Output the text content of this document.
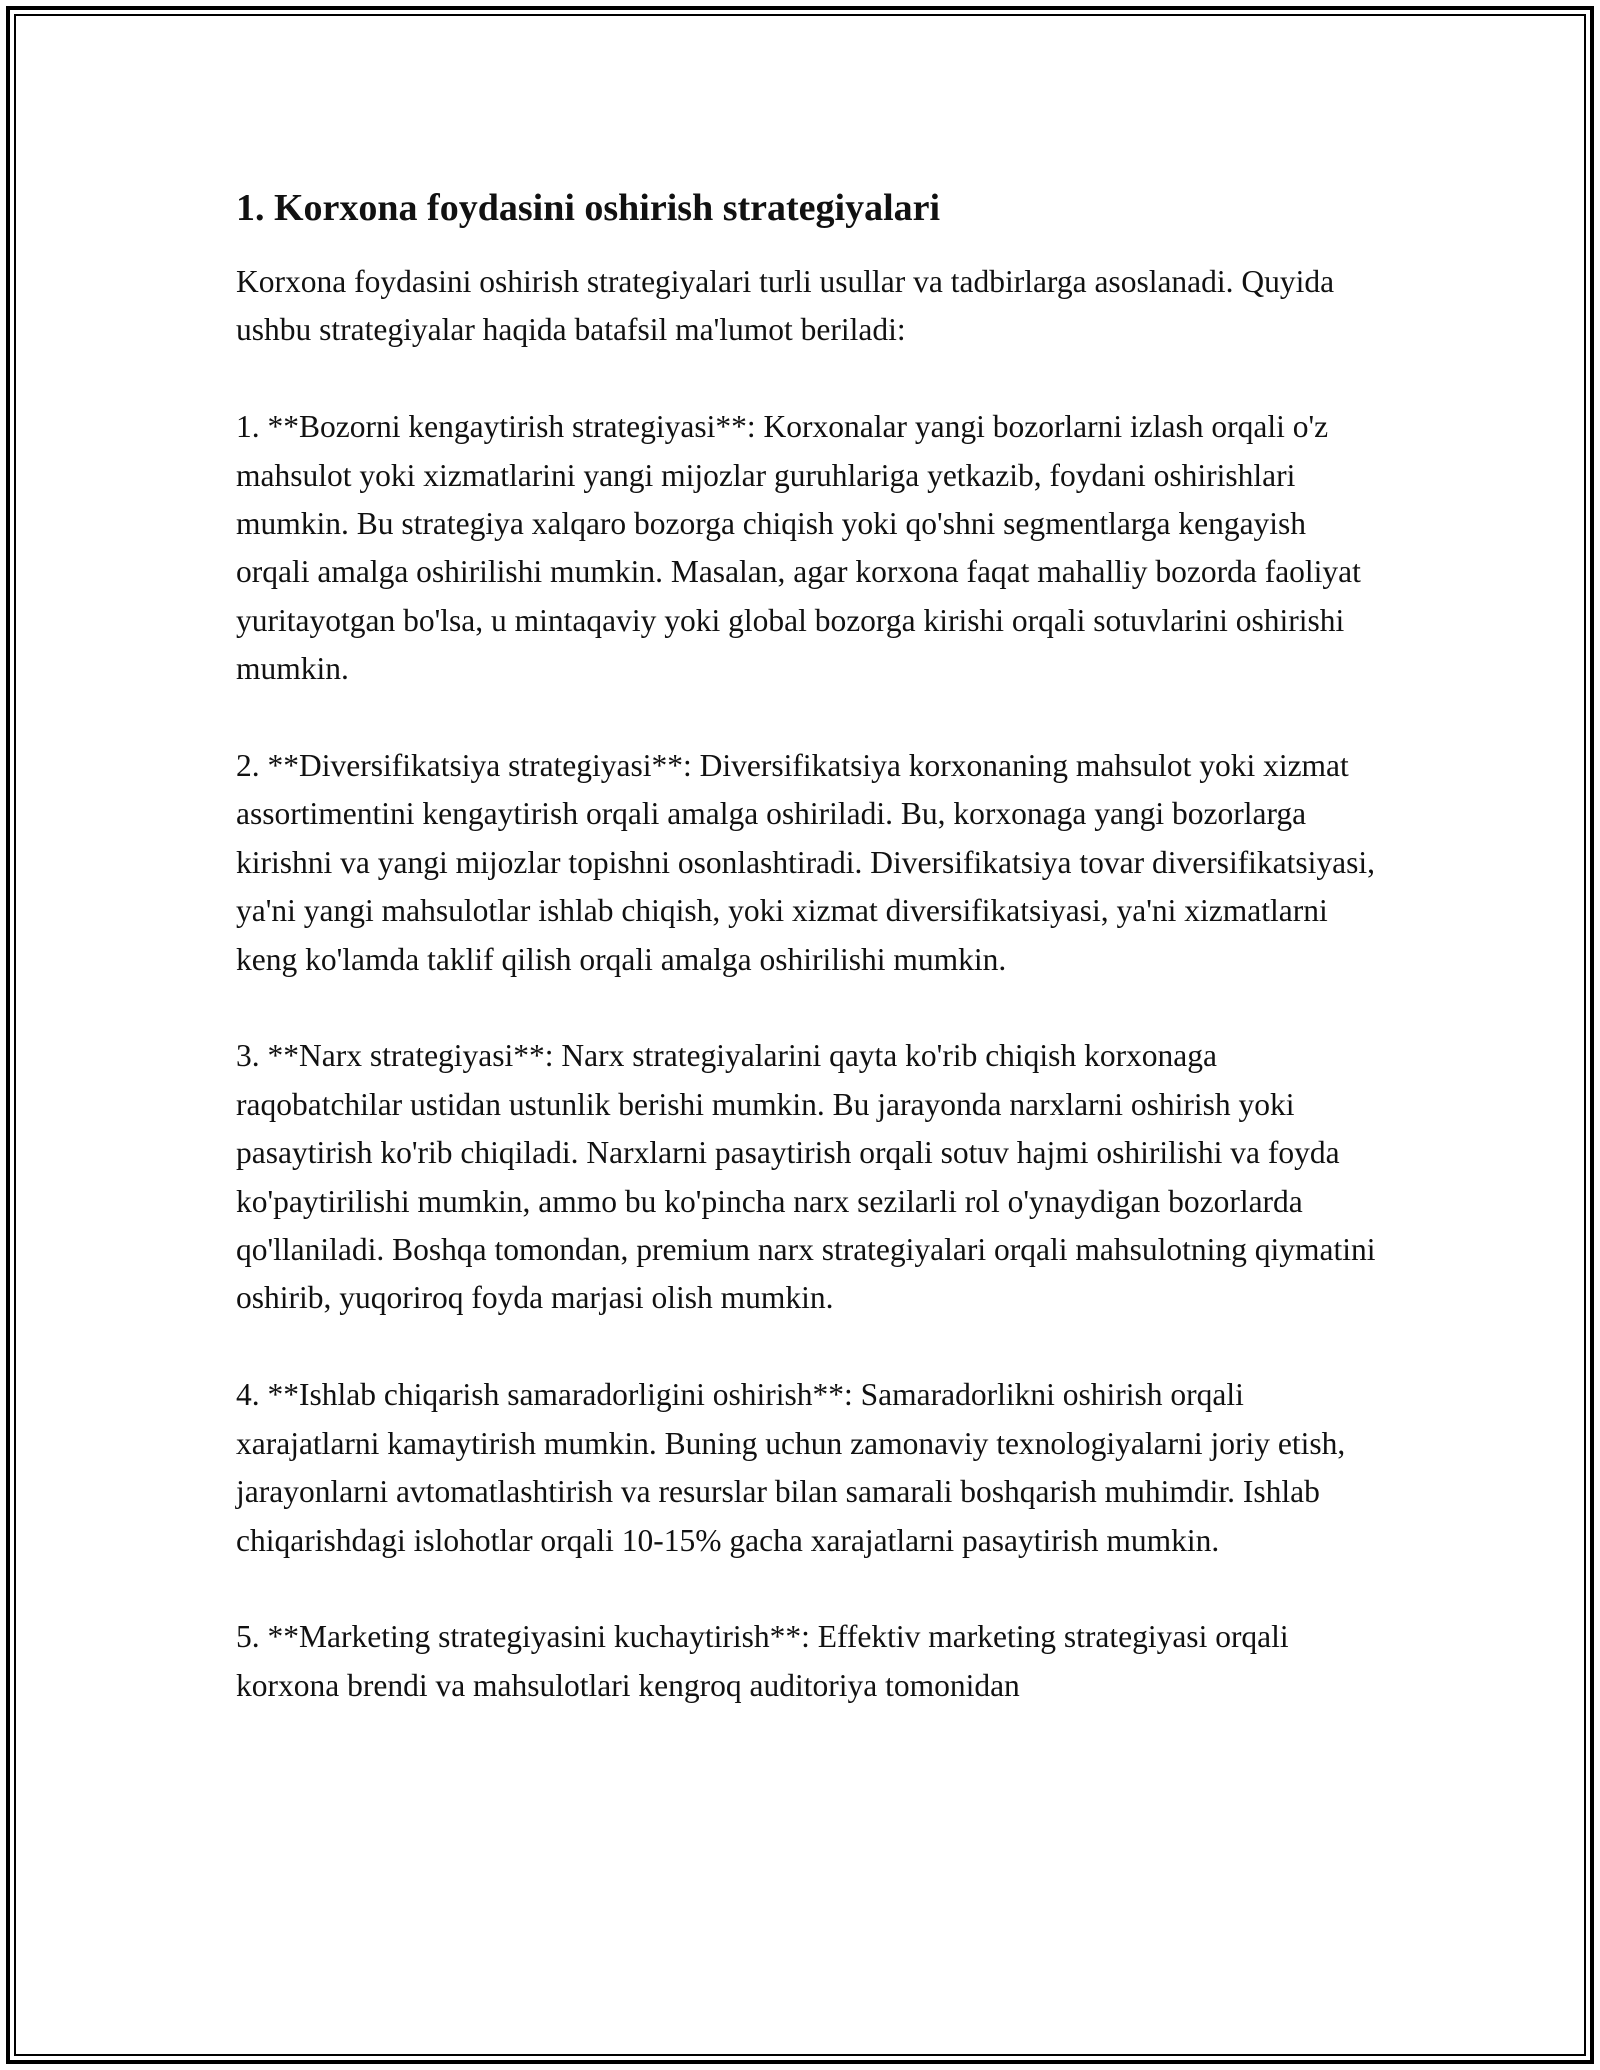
1. Korxona foydasini oshirish strategiyalari

Korxona foydasini oshirish strategiyalari turli usullar va tadbirlarga asoslanadi. Quyida ushbu strategiyalar haqida batafsil ma'lumot beriladi:

1. **Bozorni kengaytirish strategiyasi**: Korxonalar yangi bozorlarni izlash orqali o'z mahsulot yoki xizmatlarini yangi mijozlar guruhlariga yetkazib, foydani oshirishlari mumkin. Bu strategiya xalqaro bozorga chiqish yoki qo'shni segmentlarga kengayish orqali amalga oshirilishi mumkin. Masalan, agar korxona faqat mahalliy bozorda faoliyat yuritayotgan bo'lsa, u mintaqaviy yoki global bozorga kirishi orqali sotuvlarini oshirishi mumkin.

2. **Diversifikatsiya strategiyasi**: Diversifikatsiya korxonaning mahsulot yoki xizmat assortimentini kengaytirish orqali amalga oshiriladi. Bu, korxonaga yangi bozorlarga kirishni va yangi mijozlar topishni osonlashtiradi. Diversifikatsiya tovar diversifikatsiyasi, ya'ni yangi mahsulotlar ishlab chiqish, yoki xizmat diversifikatsiyasi, ya'ni xizmatlarni keng ko'lamda taklif qilish orqali amalga oshirilishi mumkin.

3. **Narx strategiyasi**: Narx strategiyalarini qayta ko'rib chiqish korxonaga raqobatchilar ustidan ustunlik berishi mumkin. Bu jarayonda narxlarni oshirish yoki pasaytirish ko'rib chiqiladi. Narxlarni pasaytirish orqali sotuv hajmi oshirilishi va foyda ko'paytirilishi mumkin, ammo bu ko'pincha narx sezilarli rol o'ynaydigan bozorlarda qo'llaniladi. Boshqa tomondan, premium narx strategiyalari orqali mahsulotning qiymatini oshirib, yuqoriroq foyda marjasi olish mumkin.

4. **Ishlab chiqarish samaradorligini oshirish**: Samaradorlikni oshirish orqali xarajatlarni kamaytirish mumkin. Buning uchun zamonaviy texnologiyalarni joriy etish, jarayonlarni avtomatlashtirish va resurslar bilan samarali boshqarish muhimdir. Ishlab chiqarishdagi islohotlar orqali 10-15% gacha xarajatlarni pasaytirish mumkin.

5. **Marketing strategiyasini kuchaytirish**: Effektiv marketing strategiyasi orqali korxona brendi va mahsulotlari kengroq auditoriya tomonidan
